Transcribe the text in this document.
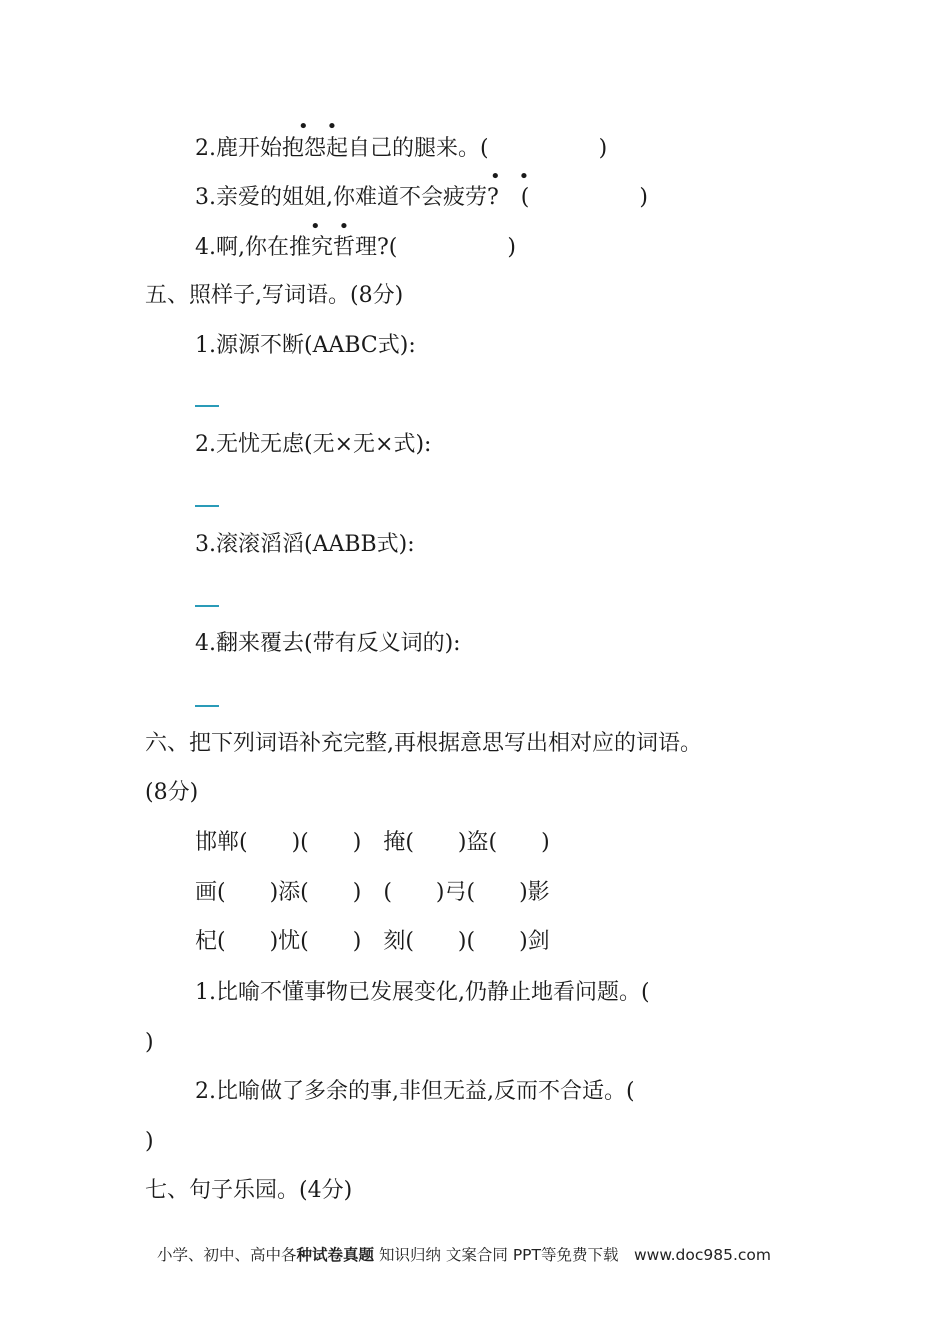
•　•
2.鹿开始抱怨起自己的腿来。(　　　　　)
•　•
3.亲爱的姐姐,你难道不会疲劳?　(　　　　　)
•　•
4.啊,你在推究哲理?(　　　　　)
五、照样子,写词语。(8分)
1.源源不断(AABC式):
2.无忧无虑(无×无×式):
3.滚滚滔滔(AABB式):
4.翻来覆去(带有反义词的):
六、把下列词语补充完整,再根据意思写出相对应的词语。
(8分)
邯郸(　　)(　　)　掩(　　)盗(　　)
画(　　)添(　　)　(　　)弓(　　)影
杞(　　)忧(　　)　刻(　　)(　　)剑
1.比喻不懂事物已发展变化,仍静止地看问题。(
)
2.比喻做了多余的事,非但无益,反而不合适。(
)
七、句子乐园。(4分)
小学、初中、高中各种试卷真题 知识归纳 文案合同 PPT等免费下载　www.doc985.com
